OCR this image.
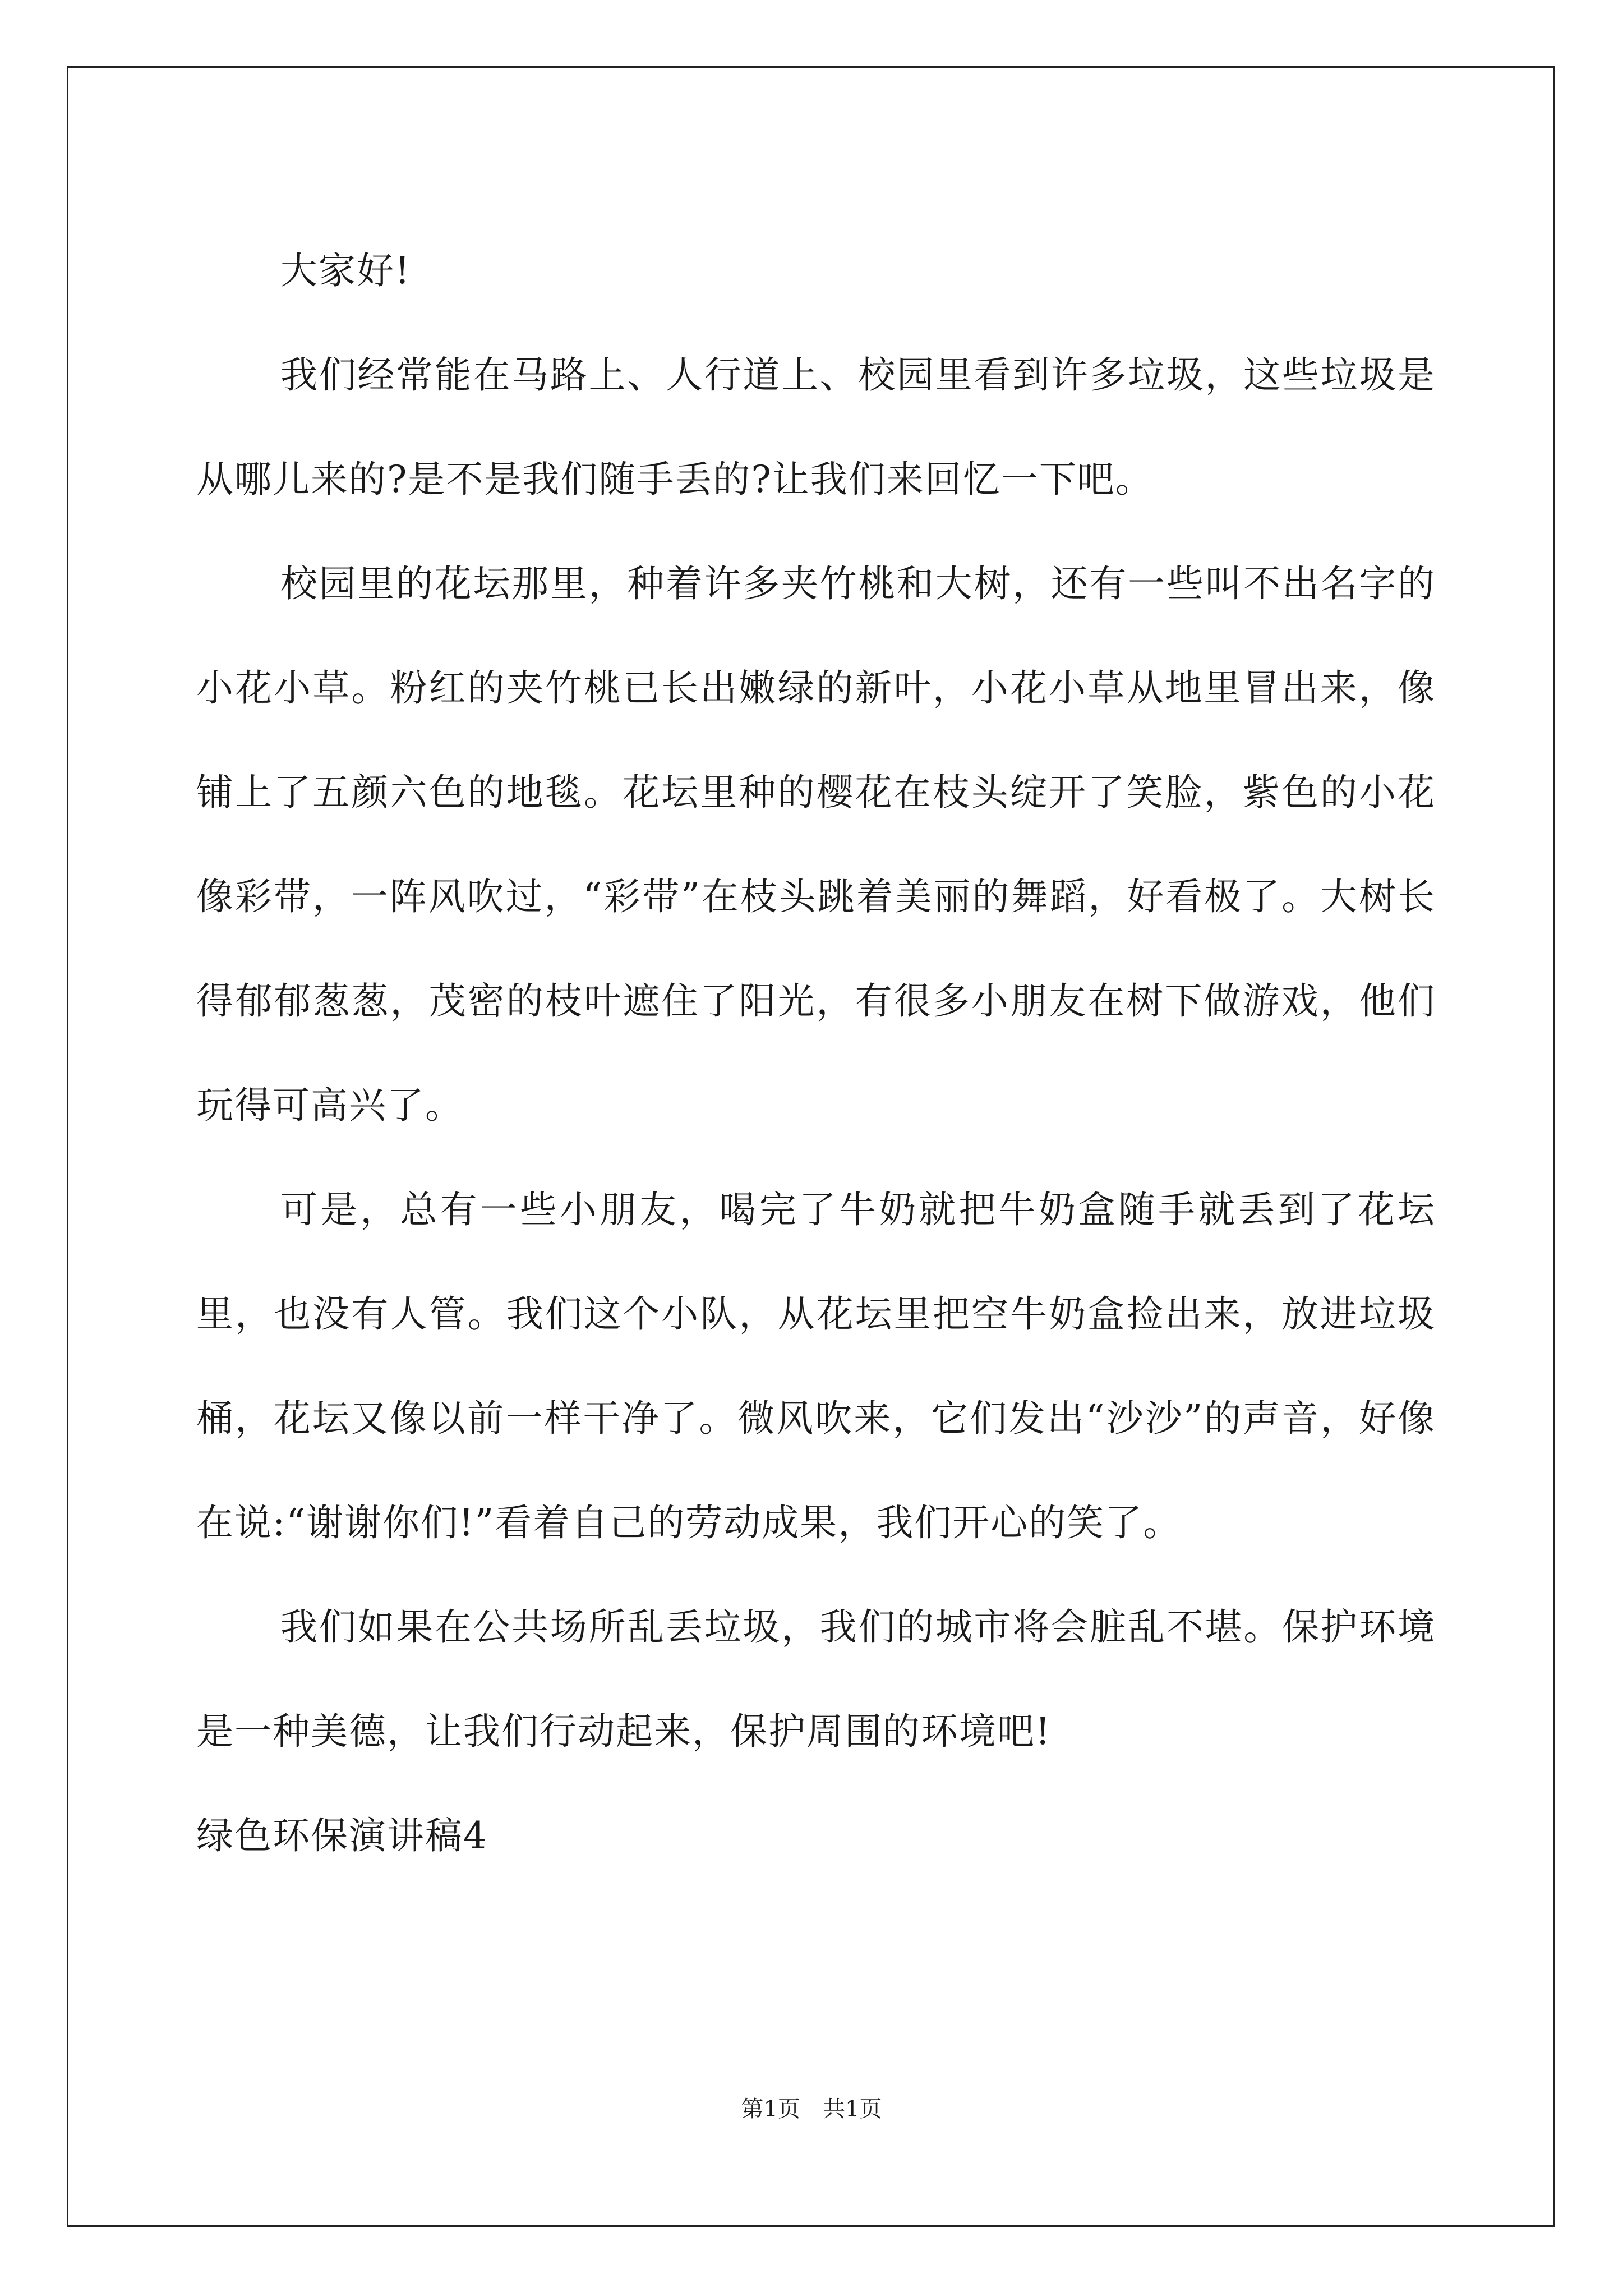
大家好!

我们经常能在马路上、人行道上、校园里看到许多垃圾，这些垃圾是从哪儿来的?是不是我们随手丢的?让我们来回忆一下吧。

校园里的花坛那里，种着许多夹竹桃和大树，还有一些叫不出名字的小花小草。粉红的夹竹桃已长出嫩绿的新叶，小花小草从地里冒出来，像铺上了五颜六色的地毯。花坛里种的樱花在枝头绽开了笑脸，紫色的小花像彩带，一阵风吹过，“彩带”在枝头跳着美丽的舞蹈，好看极了。大树长得郁郁葱葱，茂密的枝叶遮住了阳光，有很多小朋友在树下做游戏，他们玩得可高兴了。

可是，总有一些小朋友，喝完了牛奶就把牛奶盒随手就丢到了花坛里，也没有人管。我们这个小队，从花坛里把空牛奶盒捡出来，放进垃圾桶，花坛又像以前一样干净了。微风吹来，它们发出“沙沙”的声音，好像在说:“谢谢你们!”看着自己的劳动成果，我们开心的笑了。

我们如果在公共场所乱丢垃圾，我们的城市将会脏乱不堪。保护环境是一种美德，让我们行动起来，保护周围的环境吧!

绿色环保演讲稿4

第1页　共1页
